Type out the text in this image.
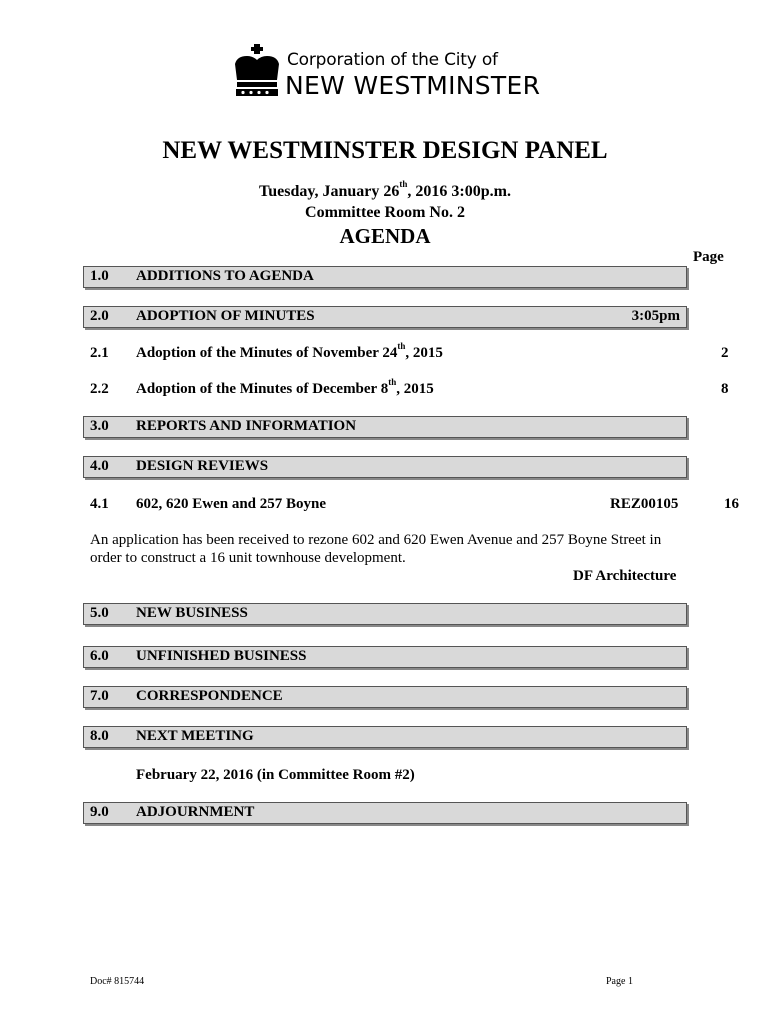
Corporation of the City of
NEW WESTMINSTER
NEW WESTMINSTER DESIGN PANEL
Tuesday, January 26th, 2016 3:00p.m.
Committee Room No. 2
AGENDA
Page
1.0 ADDITIONS TO AGENDA
2.0 ADOPTION OF MINUTES	3:05pm
2.1 Adoption of the Minutes of November 24th, 2015	2
2.2 Adoption of the Minutes of December 8th, 2015	8
3.0 REPORTS AND INFORMATION
4.0 DESIGN REVIEWS
4.1 602, 620 Ewen and 257 Boyne	REZ00105	16
An application has been received to rezone 602 and 620 Ewen Avenue and 257 Boyne Street in order to construct a 16 unit townhouse development.
DF Architecture
5.0 NEW BUSINESS
6.0 UNFINISHED BUSINESS
7.0 CORRESPONDENCE
8.0 NEXT MEETING
February 22, 2016 (in Committee Room #2)
9.0 ADJOURNMENT
Doc# 815744	Page 1
